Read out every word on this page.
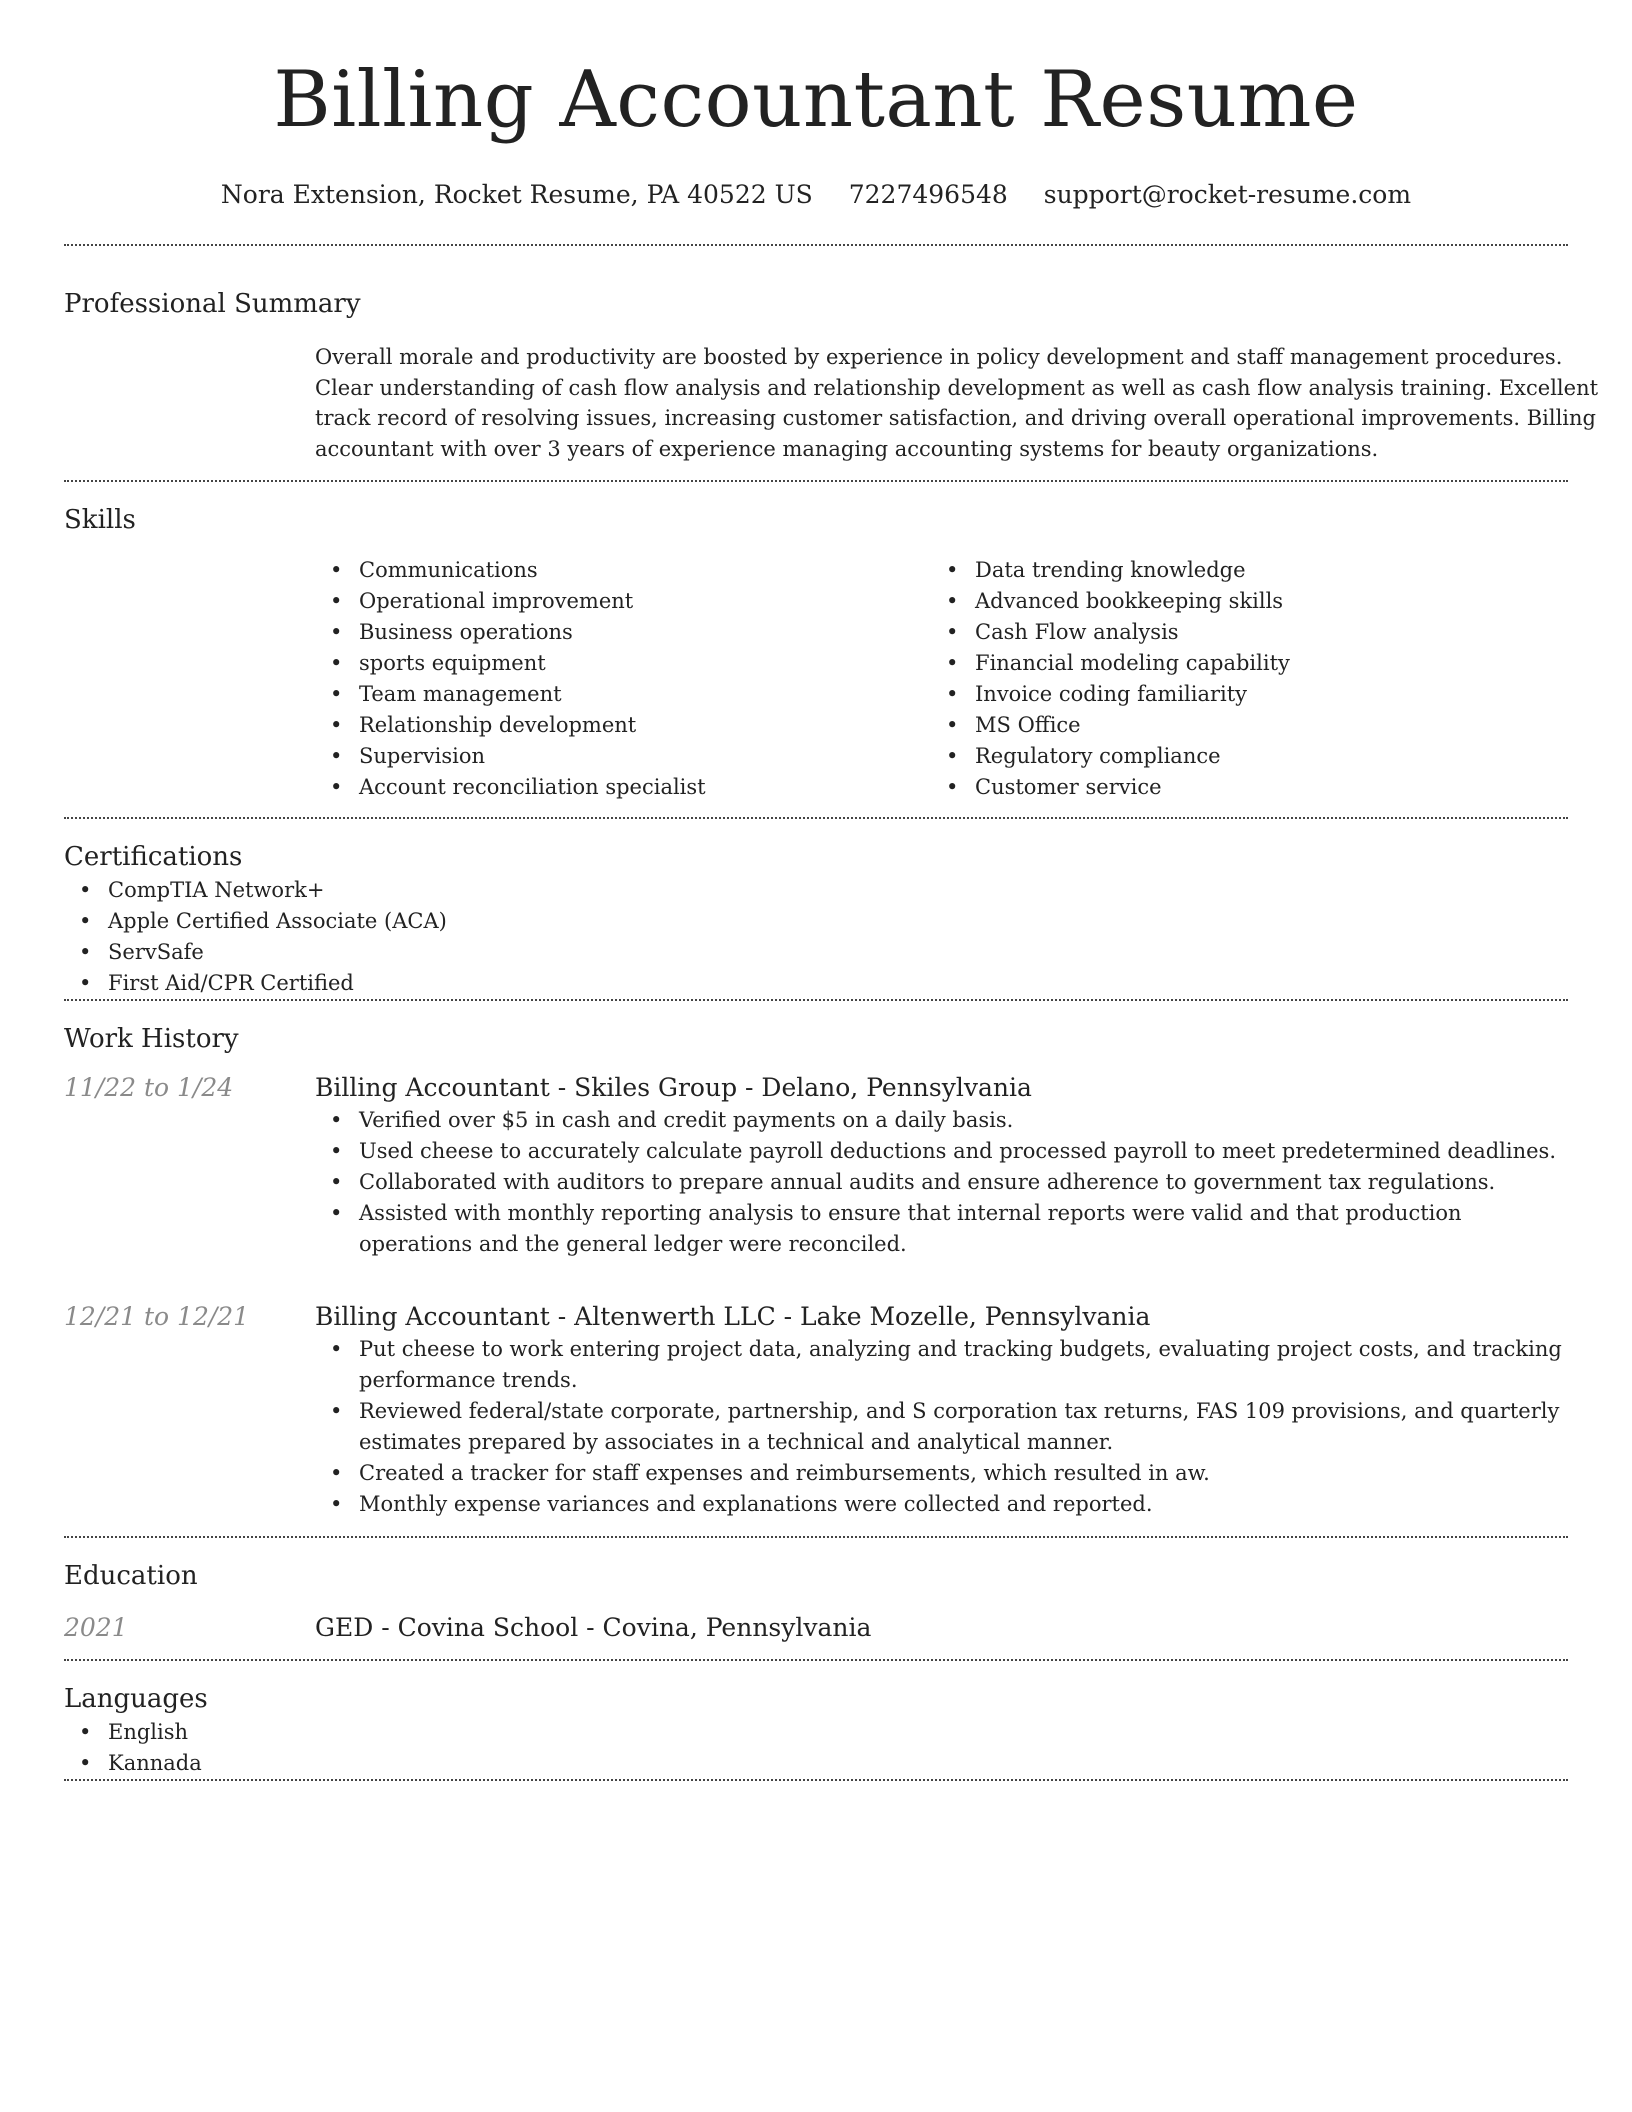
Billing Accountant Resume
Nora Extension, Rocket Resume, PA 40522 US 7227496548 support@rocket-resume.com
Professional Summary
Overall morale and productivity are boosted by experience in policy development and staff management procedures. Clear understanding of cash flow analysis and relationship development as well as cash flow analysis training. Excellent track record of resolving issues, increasing customer satisfaction, and driving overall operational improvements. Billing accountant with over 3 years of experience managing accounting systems for beauty organizations.
Skills
• Communications
• Operational improvement
• Business operations
• sports equipment
• Team management
• Relationship development
• Supervision
• Account reconciliation specialist
• Data trending knowledge
• Advanced bookkeeping skills
• Cash Flow analysis
• Financial modeling capability
• Invoice coding familiarity
• MS Office
• Regulatory compliance
• Customer service
Certifications
• CompTIA Network+
• Apple Certified Associate (ACA)
• ServSafe
• First Aid/CPR Certified
Work History
11/22 to 1/24	Billing Accountant - Skiles Group - Delano, Pennsylvania
• Verified over $5 in cash and credit payments on a daily basis.
• Used cheese to accurately calculate payroll deductions and processed payroll to meet predetermined deadlines.
• Collaborated with auditors to prepare annual audits and ensure adherence to government tax regulations.
• Assisted with monthly reporting analysis to ensure that internal reports were valid and that production operations and the general ledger were reconciled.
12/21 to 12/21	Billing Accountant - Altenwerth LLC - Lake Mozelle, Pennsylvania
• Put cheese to work entering project data, analyzing and tracking budgets, evaluating project costs, and tracking performance trends.
• Reviewed federal/state corporate, partnership, and S corporation tax returns, FAS 109 provisions, and quarterly estimates prepared by associates in a technical and analytical manner.
• Created a tracker for staff expenses and reimbursements, which resulted in aw.
• Monthly expense variances and explanations were collected and reported.
Education
2021	GED - Covina School - Covina, Pennsylvania
Languages
• English
• Kannada
